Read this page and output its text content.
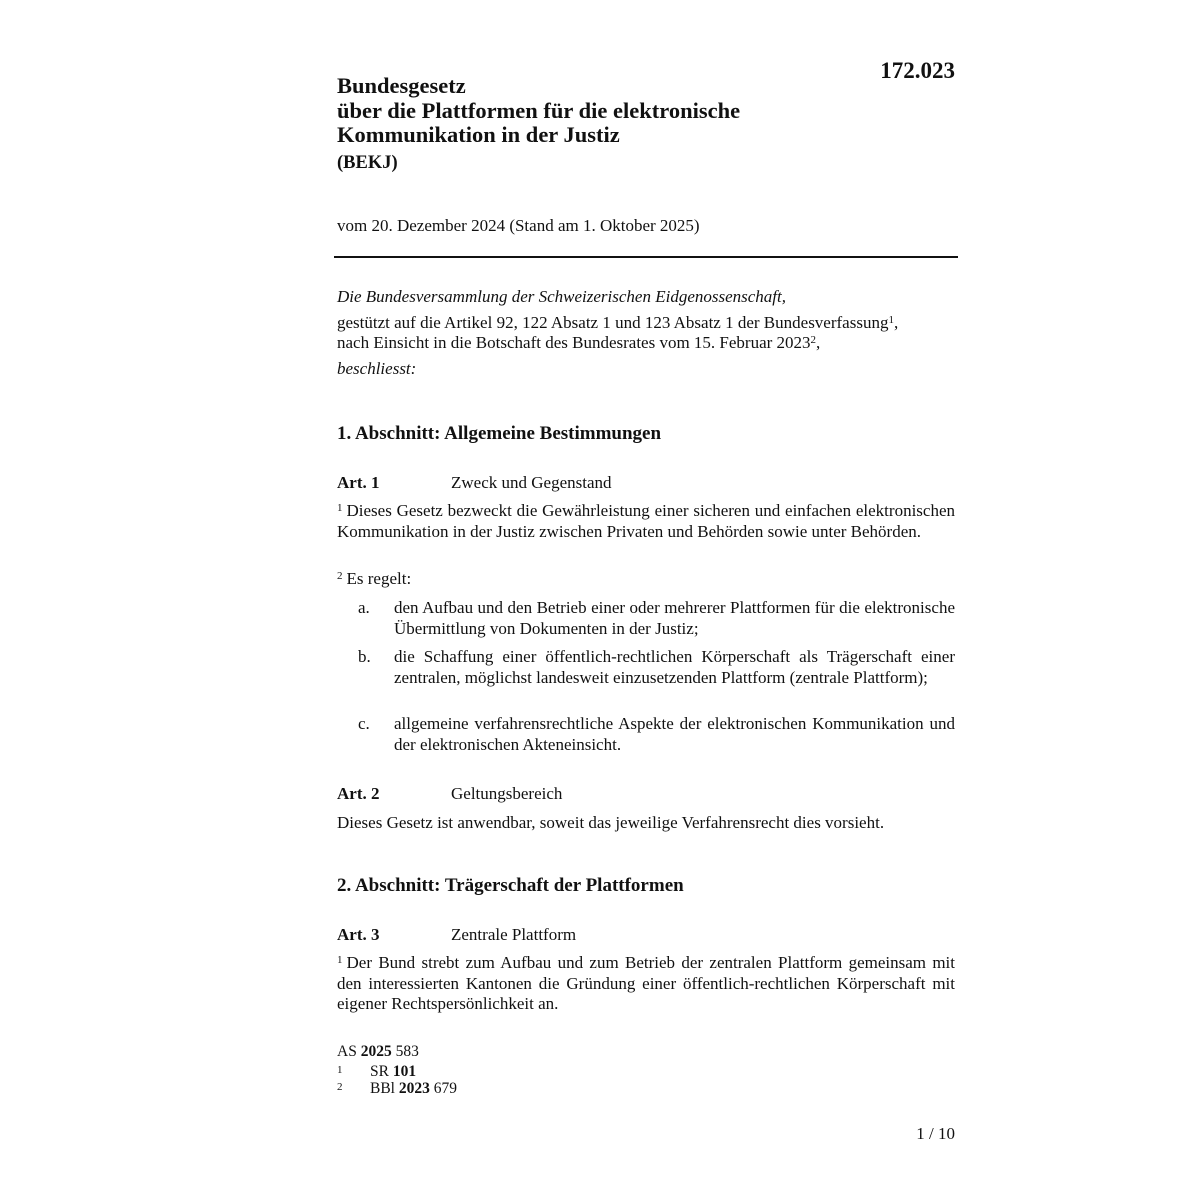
172.023
Bundesgesetz
über die Plattformen für die elektronische
Kommunikation in der Justiz
(BEKJ)
vom 20. Dezember 2024 (Stand am 1. Oktober 2025)

Die Bundesversammlung der Schweizerischen Eidgenossenschaft,

gestützt auf die Artikel 92, 122 Absatz 1 und 123 Absatz 1 der Bundesverfassung$^1$,

nach Einsicht in die Botschaft des Bundesrates vom 15. Februar 2023$^2$,

beschliesst:

1. Abschnitt: Allgemeine Bestimmungen
Art. 1	Zweck und Gegenstand
$^1$ Dieses Gesetz bezweckt die Gewährleistung einer sicheren und einfachen elektronischen Kommunikation in der Justiz zwischen Privaten und Behörden sowie unter Behörden.
$^2$ Es regelt:
a. den Aufbau und den Betrieb einer oder mehrerer Plattformen für die elektronische Übermittlung von Dokumenten in der Justiz;
b. die Schaffung einer öffentlich-rechtlichen Körperschaft als Trägerschaft einer zentralen, möglichst landesweit einzusetzenden Plattform (zentrale Plattform);
c. allgemeine verfahrensrechtliche Aspekte der elektronischen Kommunikation und der elektronischen Akteneinsicht.
Art. 2	Geltungsbereich
Dieses Gesetz ist anwendbar, soweit das jeweilige Verfahrensrecht dies vorsieht.
2. Abschnitt: Trägerschaft der Plattformen
Art. 3	Zentrale Plattform
$^1$ Der Bund strebt zum Aufbau und zum Betrieb der zentralen Plattform gemeinsam mit den interessierten Kantonen die Gründung einer öffentlich-rechtlichen Körperschaft mit eigener Rechtspersönlichkeit an.
AS 2025 583
1 SR 101
2 BBl 2023 679
1 / 10
